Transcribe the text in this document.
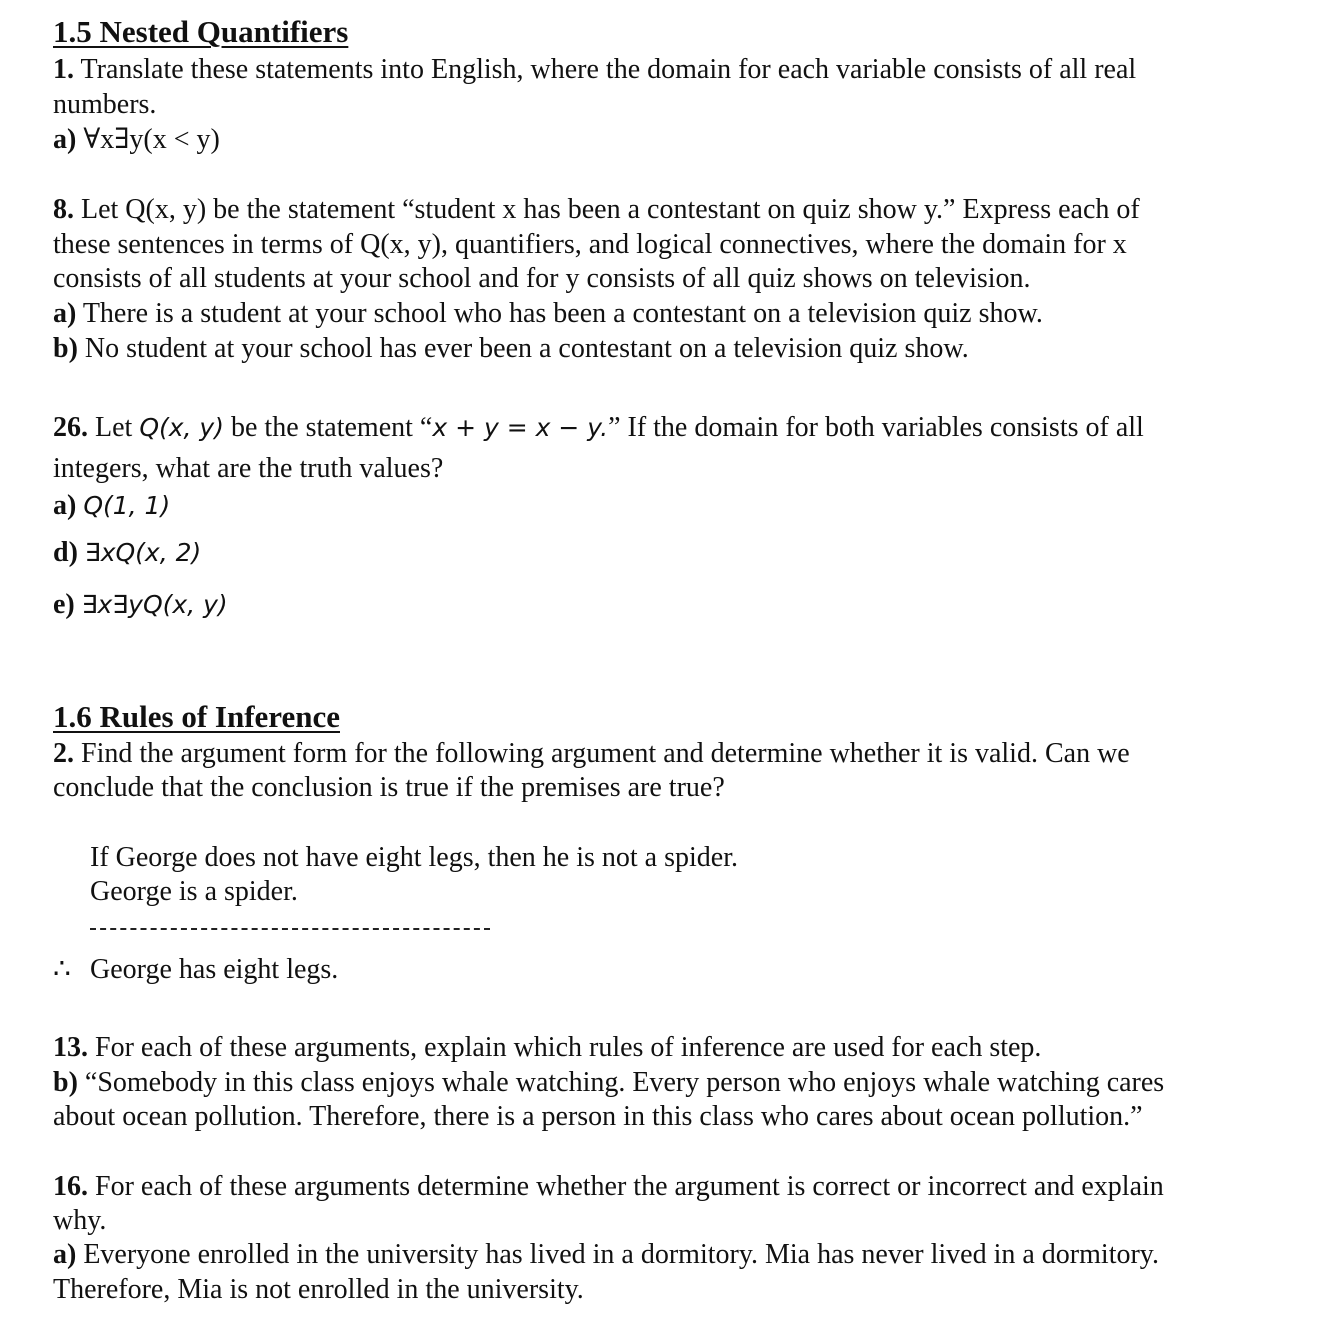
1.5 Nested Quantifiers
1. Translate these statements into English, where the domain for each variable consists of all real
numbers.
a) ∀x∃y(x < y)
8. Let Q(x, y) be the statement “student x has been a contestant on quiz show y.” Express each of
these sentences in terms of Q(x, y), quantifiers, and logical connectives, where the domain for x
consists of all students at your school and for y consists of all quiz shows on television.
a) There is a student at your school who has been a contestant on a television quiz show.
b) No student at your school has ever been a contestant on a television quiz show.
26. Let Q(x, y) be the statement “x + y = x − y.” If the domain for both variables consists of all
integers, what are the truth values?
a) Q(1, 1)
d) ∃xQ(x, 2)
e) ∃x∃yQ(x, y)
1.6 Rules of Inference
2. Find the argument form for the following argument and determine whether it is valid. Can we
conclude that the conclusion is true if the premises are true?
If George does not have eight legs, then he is not a spider.
George is a spider.
∴ George has eight legs.
13. For each of these arguments, explain which rules of inference are used for each step.
b) “Somebody in this class enjoys whale watching. Every person who enjoys whale watching cares
about ocean pollution. Therefore, there is a person in this class who cares about ocean pollution.”
16. For each of these arguments determine whether the argument is correct or incorrect and explain
why.
a) Everyone enrolled in the university has lived in a dormitory. Mia has never lived in a dormitory.
Therefore, Mia is not enrolled in the university.
